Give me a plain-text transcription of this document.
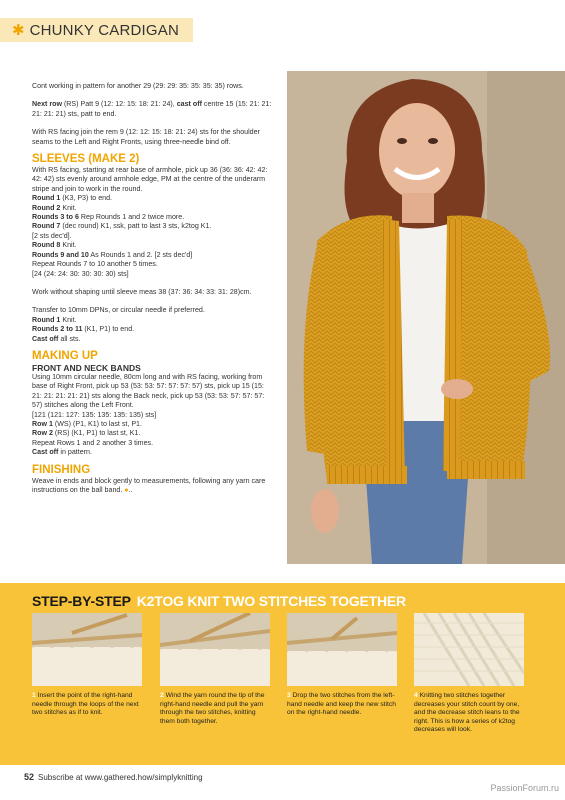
✱ CHUNKY CARDIGAN

Cont working in pattern for another 29 (29: 29: 35: 35: 35: 35) rows.

Next row (RS) Patt 9 (12: 12: 15: 18: 21: 24), cast off centre 15 (15: 21: 21: 21: 21: 21) sts, patt to end.

With RS facing join the rem 9 (12: 12: 15: 18: 21: 24) sts for the shoulder seams to the Left and Right Fronts, using three-needle bind off.

SLEEVES (MAKE 2)

With RS facing, starting at rear base of armhole, pick up 36 (36: 36: 42: 42: 42: 42) sts evenly around armhole edge, PM at the centre of the underarm stripe and join to work in the round.

Round 1 (K3, P3) to end.

Round 2 Knit.

Rounds 3 to 6 Rep Rounds 1 and 2 twice more.

Round 7 (dec round) K1, ssk, patt to last 3 sts, k2tog K1.

[2 sts dec'd].

Round 8 Knit.

Rounds 9 and 10 As Rounds 1 and 2. [2 sts dec'd]

Repeat Rounds 7 to 10 another 5 times.

[24 (24: 24: 30: 30: 30: 30) sts]

Work without shaping until sleeve meas 38 (37: 36: 34: 33: 31: 28)cm.

Transfer to 10mm DPNs, or circular needle if preferred.

Round 1 Knit.

Rounds 2 to 11 (K1, P1) to end.

Cast off all sts.

MAKING UP

FRONT AND NECK BANDS

Using 10mm circular needle, 80cm long and with RS facing, working from base of Right Front, pick up 53 (53: 53: 57: 57: 57: 57) sts, pick up 15 (15: 21: 21: 21: 21: 21) sts along the Back neck, pick up 53 (53: 53: 57: 57: 57: 57) stitches along the Left Front.

[121 (121: 127: 135: 135: 135: 135) sts]

Row 1 (WS) (P1, K1) to last st, P1.

Row 2 (RS) (K1, P1) to last st, K1.

Repeat Rows 1 and 2 another 3 times.

Cast off in pattern.

FINISHING

Weave in ends and block gently to measurements, following any yarn care instructions on the ball band. ●..

STEP-BY-STEP K2TOG KNIT TWO STITCHES TOGETHER
1 Insert the point of the right-hand needle through the loops of the next two stitches as if to knit.
2 Wind the yarn round the tip of the right-hand needle and pull the yarn through the two stitches, knitting them both together.
3 Drop the two stitches from the left-hand needle and keep the new stitch on the right-hand needle.
4 Knitting two stitches together decreases your stitch count by one, and the decrease stitch leans to the right. This is how a series of k2tog decreases will look.
52 Subscribe at www.gathered.how/simplyknitting
PassionForum.ru
